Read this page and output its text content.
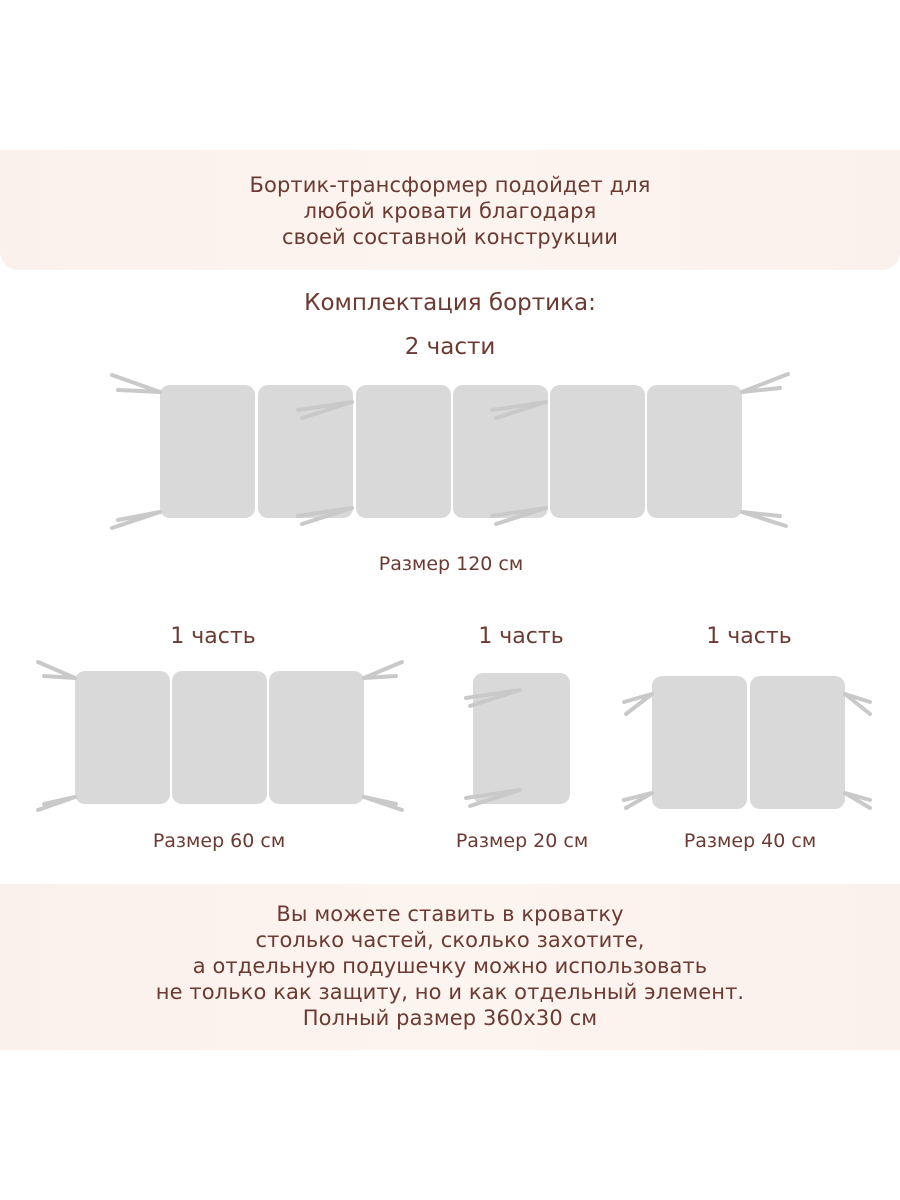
Бортик-трансформер подойдет для
любой кровати благодаря
своей составной конструкции
Комплектация бортика:
2 части
Размер 120 см
1 часть	1 часть	1 часть
Размер 60 см	Размер 20 см	Размер 40 см
Вы можете ставить в кроватку
столько частей, сколько захотите,
а отдельную подушечку можно использовать
не только как защиту, но и как отдельный элемент.
Полный размер 360х30 см
